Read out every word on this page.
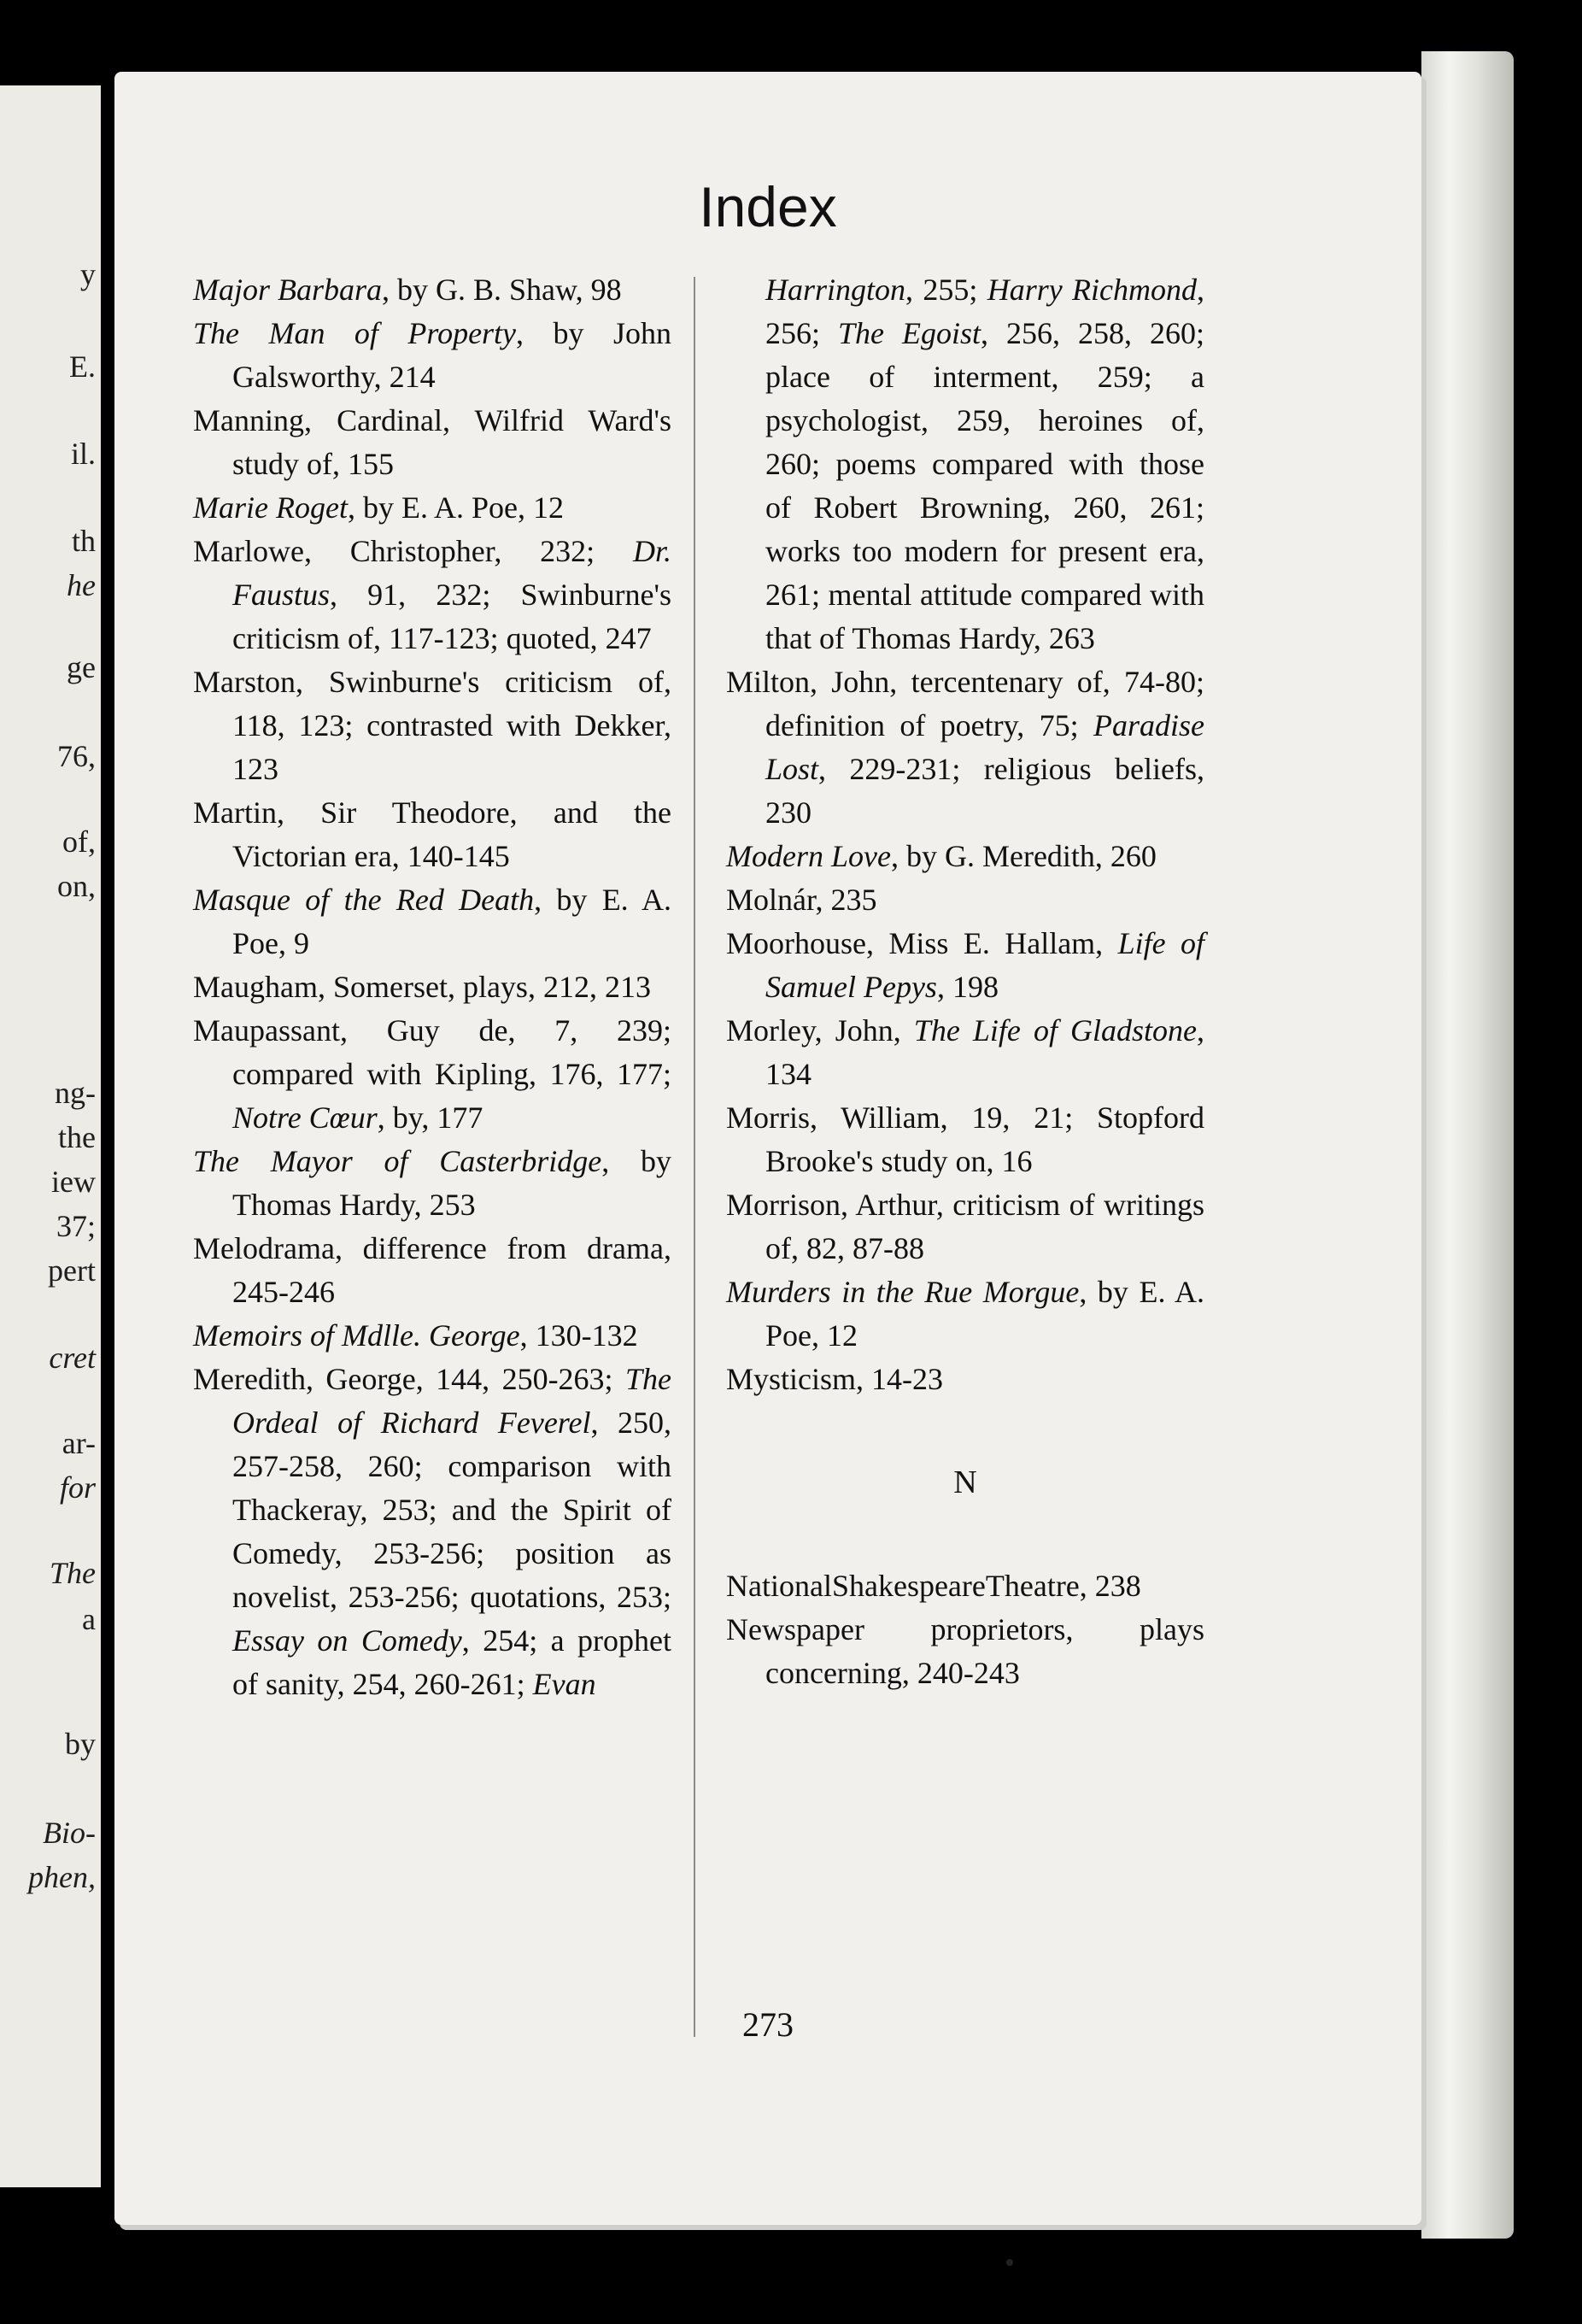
y
E.
il.
th
he
ge
76,
of,
on,
ng-
the
iew
37;
pert
cret
ar-
for
The
a
by
Bio-
phen,
Index

Major Barbara, by G. B. Shaw, 98

The Man of Property, by John Galsworthy, 214

Manning, Cardinal, Wilfrid Ward's study of, 155

Marie Roget, by E. A. Poe, 12

Marlowe, Christopher, 232; Dr. Faustus, 91, 232; Swinburne's criticism of, 117-123; quoted, 247

Marston, Swinburne's criticism of, 118, 123; contrasted with Dekker, 123

Martin, Sir Theodore, and the Victorian era, 140-145

Masque of the Red Death, by E. A. Poe, 9

Maugham, Somerset, plays, 212, 213

Maupassant, Guy de, 7, 239; compared with Kipling, 176, 177; Notre Cœur, by, 177

The Mayor of Casterbridge, by Thomas Hardy, 253

Melodrama, difference from drama, 245-246

Memoirs of Mdlle. George, 130-132

Meredith, George, 144, 250-263; The Ordeal of Richard Feverel, 250, 257-258, 260; comparison with Thackeray, 253; and the Spirit of Comedy, 253-256; position as novelist, 253-256; quotations, 253; Essay on Comedy, 254; a prophet of sanity, 254, 260-261; Evan

Harrington, 255; Harry Richmond, 256; The Egoist, 256, 258, 260; place of interment, 259; a psychologist, 259, heroines of, 260; poems compared with those of Robert Browning, 260, 261; works too modern for present era, 261; mental attitude compared with that of Thomas Hardy, 263

Milton, John, tercentenary of, 74-80; definition of poetry, 75; Paradise Lost, 229-231; religious beliefs, 230

Modern Love, by G. Meredith, 260

Molnár, 235

Moorhouse, Miss E. Hallam, Life of Samuel Pepys, 198

Morley, John, The Life of Gladstone, 134

Morris, William, 19, 21; Stopford Brooke's study on, 16

Morrison, Arthur, criticism of writings of, 82, 87-88

Murders in the Rue Morgue, by E. A. Poe, 12

Mysticism, 14-23

N

NationalShakespeareTheatre, 238

Newspaper proprietors, plays concerning, 240-243

273
